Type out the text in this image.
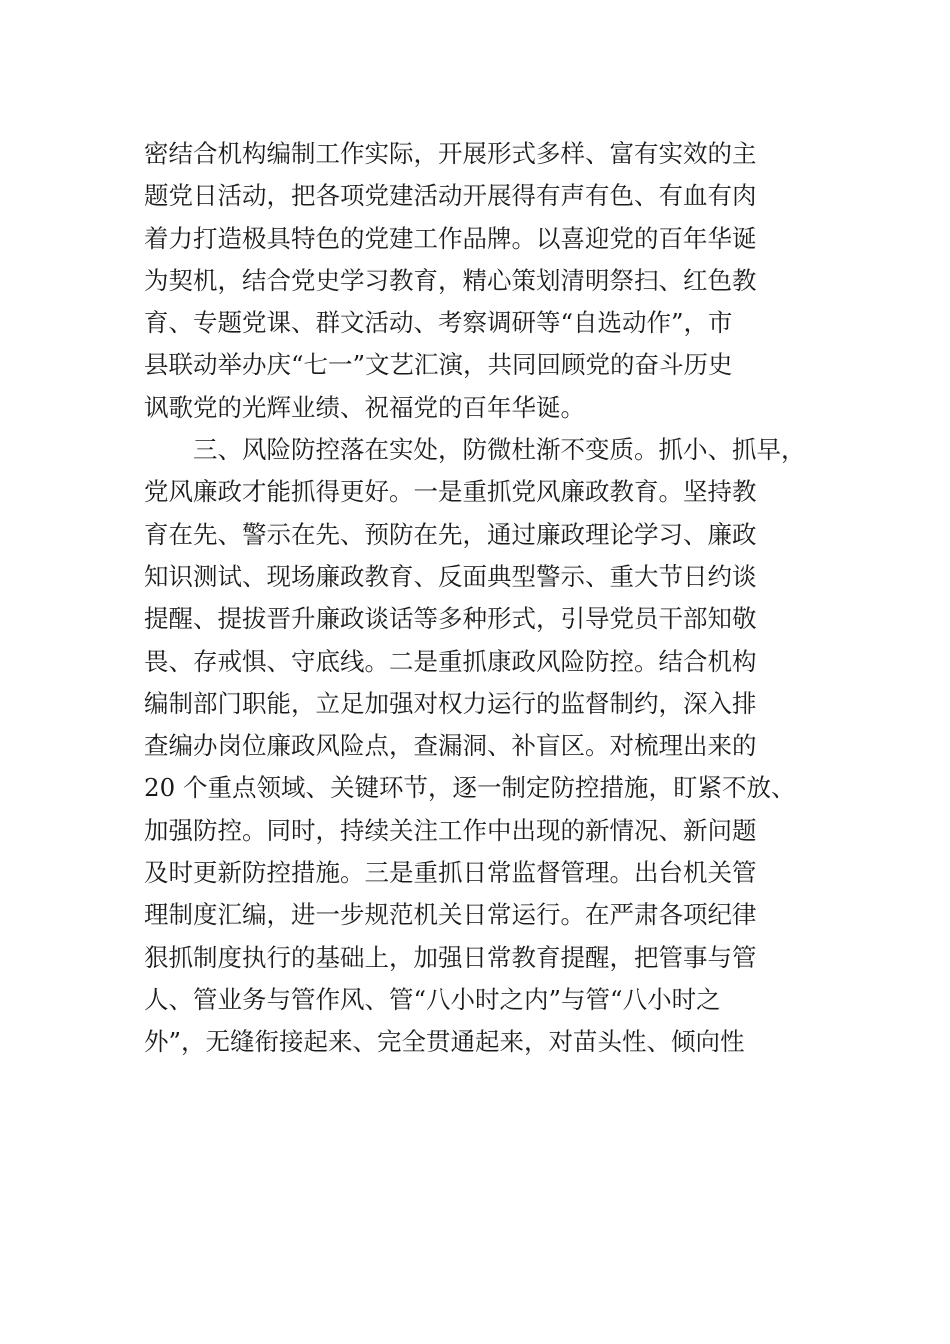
密结合机构编制工作实际，开展形式多样、富有实效的主
题党日活动，把各项党建活动开展得有声有色、有血有肉
着力打造极具特色的党建工作品牌。以喜迎党的百年华诞
为契机，结合党史学习教育，精心策划清明祭扫、红色教
育、专题党课、群文活动、考察调研等“自选动作”，市
县联动举办庆“七一”文艺汇演，共同回顾党的奋斗历史
讽歌党的光辉业绩、祝福党的百年华诞。
　　三、风险防控落在实处，防微杜渐不变质。抓小、抓早，
党风廉政才能抓得更好。一是重抓党风廉政教育。坚持教
育在先、警示在先、预防在先，通过廉政理论学习、廉政
知识测试、现场廉政教育、反面典型警示、重大节日约谈
提醒、提拔晋升廉政谈话等多种形式，引导党员干部知敬
畏、存戒惧、守底线。二是重抓康政风险防控。结合机构
编制部门职能，立足加强对权力运行的监督制约，深入排
查编办岗位廉政风险点，查漏洞、补盲区。对梳理出来的
20 个重点领域、关键环节，逐一制定防控措施，盯紧不放、
加强防控。同时，持续关注工作中出现的新情况、新问题
及时更新防控措施。三是重抓日常监督管理。出台机关管
理制度汇编，进一步规范机关日常运行。在严肃各项纪律
狠抓制度执行的基础上，加强日常教育提醒，把管事与管
人、管业务与管作风、管“八小时之内”与管“八小时之
外”，无缝衔接起来、完全贯通起来，对苗头性、倾向性
